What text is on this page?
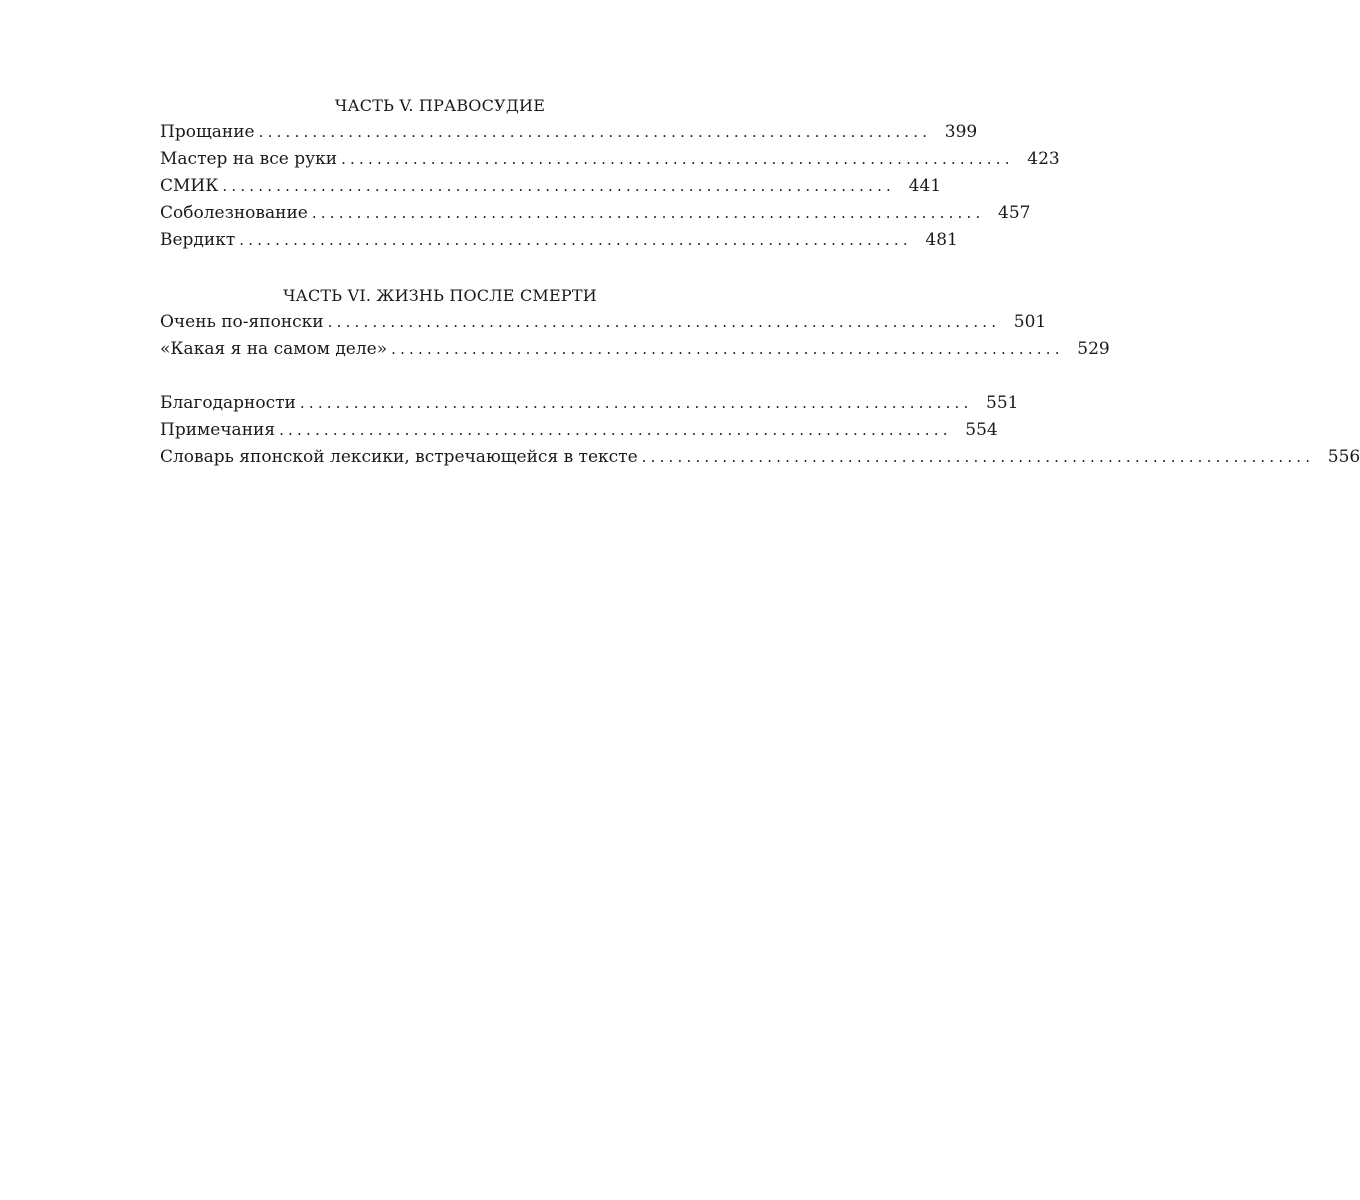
ЧАСТЬ V. ПРАВОСУДИЕ
Прощание ........................................................................... 399
Мастер на все руки ........................................................................... 423
СМИК ........................................................................... 441
Соболезнование ........................................................................... 457
Вердикт ........................................................................... 481
ЧАСТЬ VI. ЖИЗНЬ ПОСЛЕ СМЕРТИ
Очень по-японски ........................................................................... 501
«Какая я на самом деле» ........................................................................... 529
Благодарности ........................................................................... 551
Примечания ........................................................................... 554
Словарь японской лексики, встречающейся в тексте ........................................................................... 556
